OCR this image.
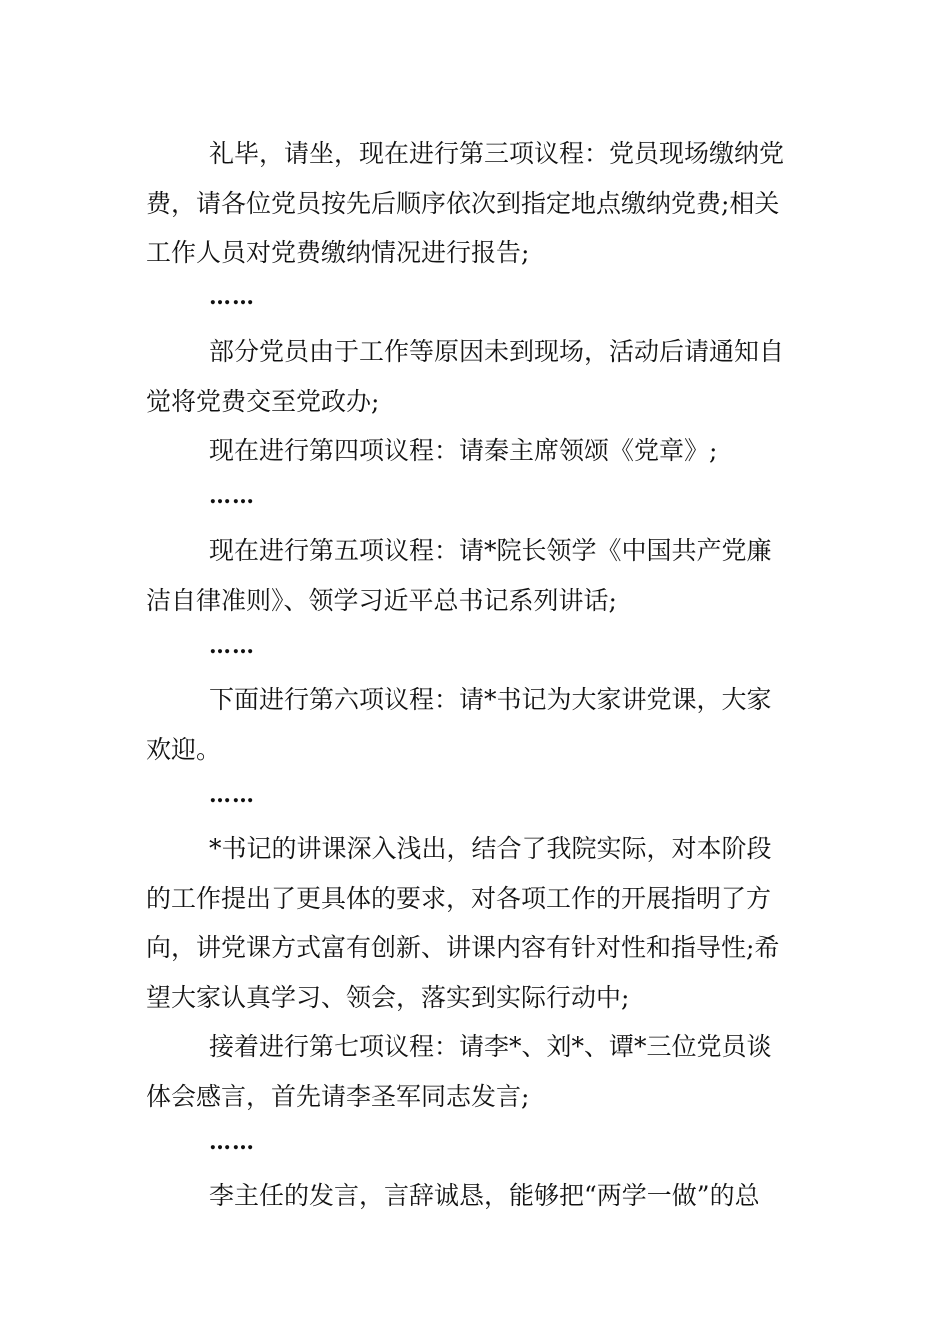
礼毕，请坐，现在进行第三项议程：党员现场缴纳党
费，请各位党员按先后顺序依次到指定地点缴纳党费;相关
工作人员对党费缴纳情况进行报告;
……
部分党员由于工作等原因未到现场，活动后请通知自
觉将党费交至党政办;
现在进行第四项议程：请秦主席领颂《党章》;
……
现在进行第五项议程：请*院长领学《中国共产党廉
洁自律准则》、领学习近平总书记系列讲话;
……
下面进行第六项议程：请*书记为大家讲党课，大家
欢迎。
……
*书记的讲课深入浅出，结合了我院实际，对本阶段
的工作提出了更具体的要求，对各项工作的开展指明了方
向，讲党课方式富有创新、讲课内容有针对性和指导性;希
望大家认真学习、领会，落实到实际行动中;
接着进行第七项议程：请李*、刘*、谭*三位党员谈
体会感言，首先请李圣军同志发言;
……
李主任的发言，言辞诚恳，能够把“两学一做”的总
